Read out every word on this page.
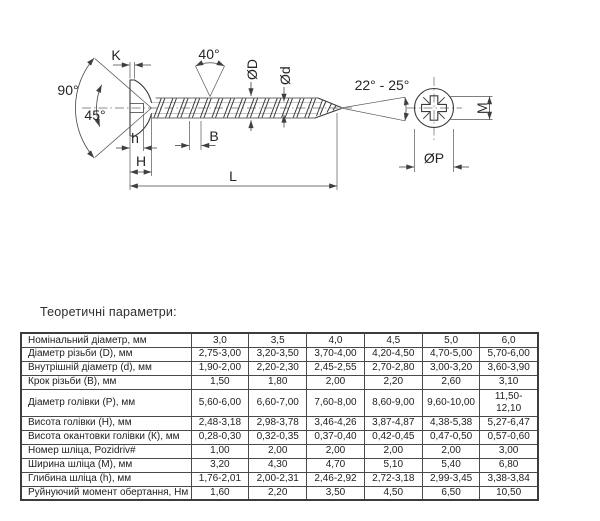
K
90°
45°
40°
ØD Ød
B
h
H
L
22° - 25°
M
ØP
Теоретичні параметри:
Номінальний діаметр, мм	3,0	3,5	4,0	4,5	5,0	6,0
Діаметр різьби (D), мм	2,75-3,00	3,20-3,50	3,70-4,00	4,20-4,50	4,70-5,00	5,70-6,00
Внутрішній діаметр (d), мм	1,90-2,00	2,20-2,30	2,45-2,55	2,70-2,80	3,00-3,20	3,60-3,90
Крок різьби (B), мм	1,50	1,80	2,00	2,20	2,60	3,10
Діаметр голівки (P), мм	5,60-6,00	6,60-7,00	7,60-8,00	8,60-9,00	9,60-10,00	11,50-12,10
Висота голівки (H), мм	2,48-3,18	2,98-3,78	3,46-4,26	3,87-4,87	4,38-5,38	5,27-6,47
Висота окантовки голівки (К), мм	0,28-0,30	0,32-0,35	0,37-0,40	0,42-0,45	0,47-0,50	0,57-0,60
Номер шліца, Pozidriv#	1,00	2,00	2,00	2,00	2,00	3,00
Ширина шліца (M), мм	3,20	4,30	4,70	5,10	5,40	6,80
Глибина шліца (h), мм	1,76-2,01	2,00-2,31	2,46-2,92	2,72-3,18	2,99-3,45	3,38-3,84
Руйнуючий момент обертання, Нм	1,60	2,20	3,50	4,50	6,50	10,50
